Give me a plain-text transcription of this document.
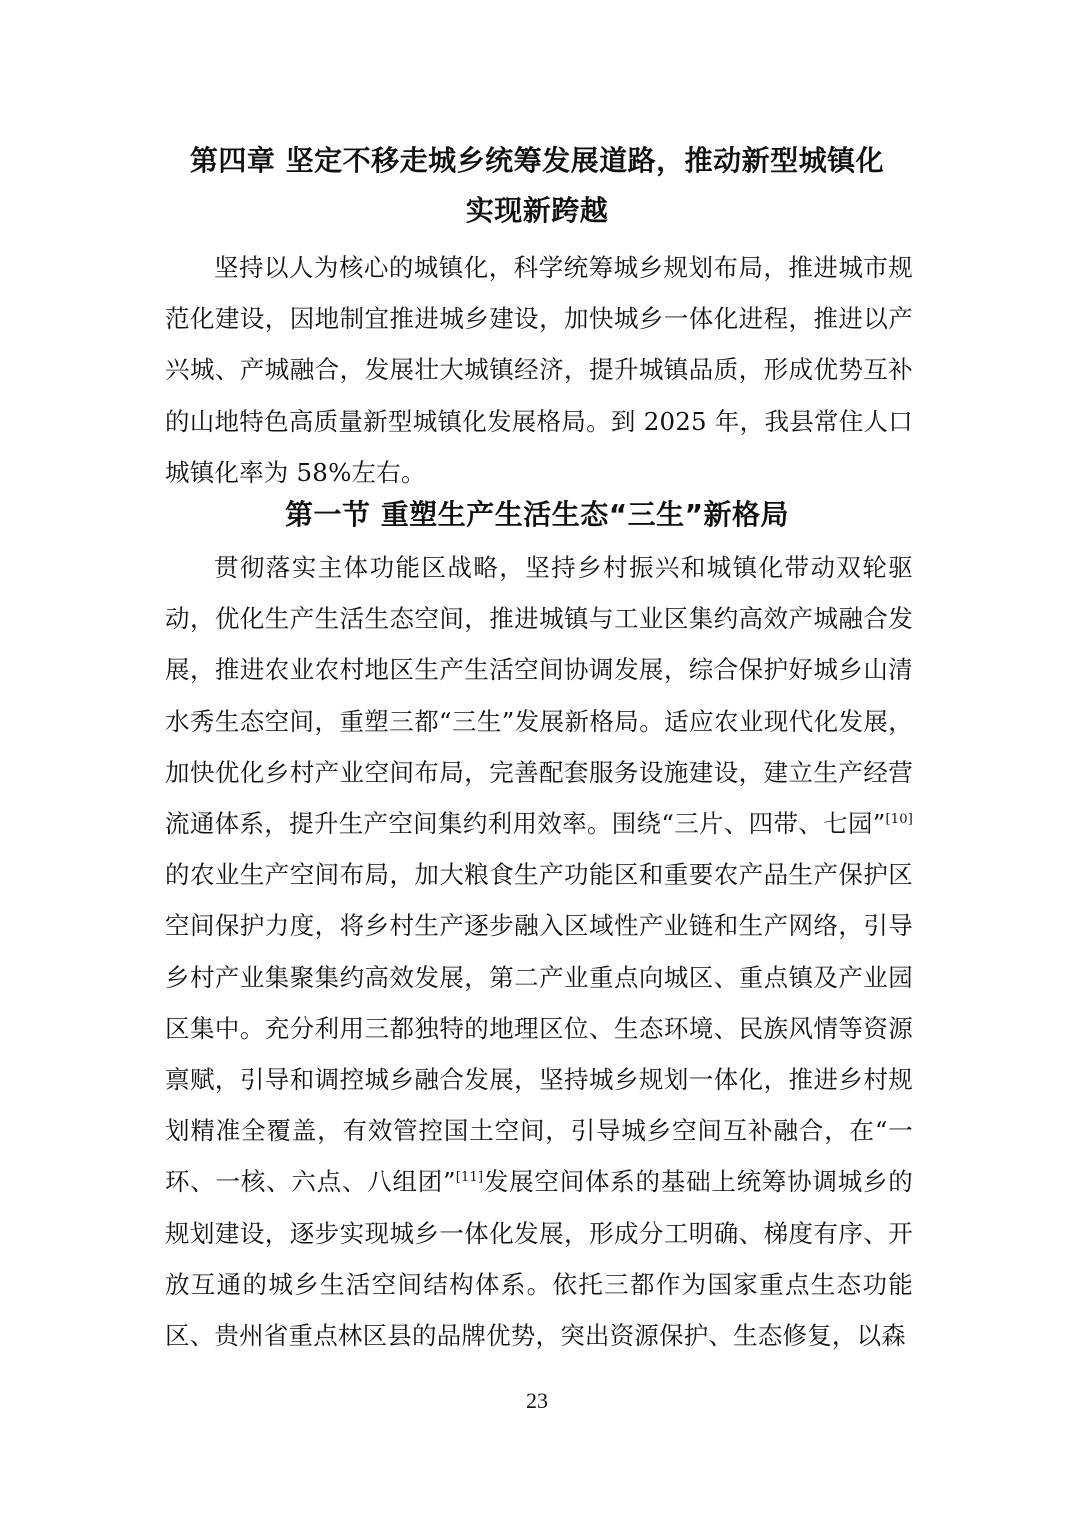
第四章 坚定不移走城乡统筹发展道路，推动新型城镇化
实现新跨越

坚持以人为核心的城镇化，科学统筹城乡规划布局，推进城市规范化建设，因地制宜推进城乡建设，加快城乡一体化进程，推进以产兴城、产城融合，发展壮大城镇经济，提升城镇品质，形成优势互补的山地特色高质量新型城镇化发展格局。到 2025 年，我县常住人口城镇化率为 58%左右。

第一节 重塑生产生活生态“三生”新格局

贯彻落实主体功能区战略，坚持乡村振兴和城镇化带动双轮驱动，优化生产生活生态空间，推进城镇与工业区集约高效产城融合发展，推进农业农村地区生产生活空间协调发展，综合保护好城乡山清水秀生态空间，重塑三都“三生”发展新格局。适应农业现代化发展，加快优化乡村产业空间布局，完善配套服务设施建设，建立生产经营流通体系，提升生产空间集约利用效率。围绕“三片、四带、七园”[10]的农业生产空间布局，加大粮食生产功能区和重要农产品生产保护区空间保护力度，将乡村生产逐步融入区域性产业链和生产网络，引导乡村产业集聚集约高效发展，第二产业重点向城区、重点镇及产业园区集中。充分利用三都独特的地理区位、生态环境、民族风情等资源禀赋，引导和调控城乡融合发展，坚持城乡规划一体化，推进乡村规划精准全覆盖，有效管控国土空间，引导城乡空间互补融合，在“一环、一核、六点、八组团”[11]发展空间体系的基础上统筹协调城乡的规划建设，逐步实现城乡一体化发展，形成分工明确、梯度有序、开放互通的城乡生活空间结构体系。依托三都作为国家重点生态功能区、贵州省重点林区县的品牌优势，突出资源保护、生态修复，以森

23
